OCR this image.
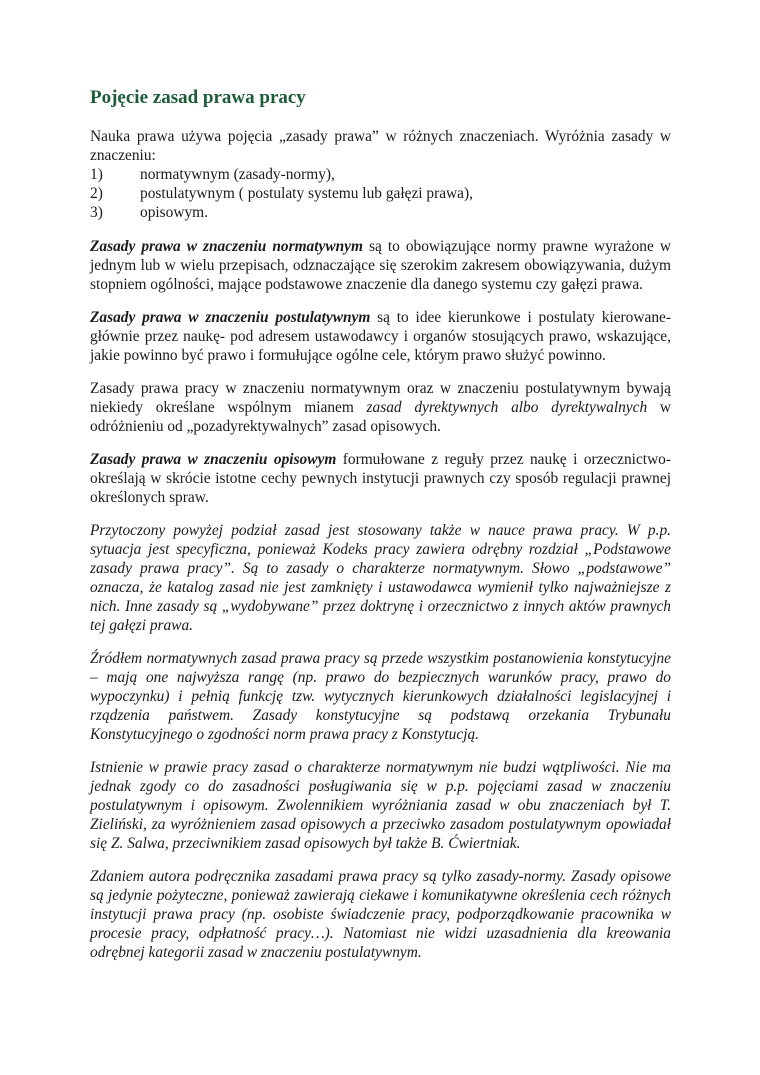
Pojęcie zasad prawa pracy

Nauka prawa używa pojęcia „zasady prawa” w różnych znaczeniach. Wyróżnia zasady w znaczeniu:

1)	normatywnym (zasady-normy),
2)	postulatywnym ( postulaty systemu lub gałęzi prawa),
3)	opisowym.

Zasady prawa w znaczeniu normatywnym są to obowiązujące normy prawne wyrażone w jednym lub w wielu przepisach, odznaczające się szerokim zakresem obowiązywania, dużym stopniem ogólności, mające podstawowe znaczenie dla danego systemu czy gałęzi prawa.

Zasady prawa w znaczeniu postulatywnym są to idee kierunkowe i postulaty kierowane- głównie przez naukę- pod adresem ustawodawcy i organów stosujących prawo, wskazujące, jakie powinno być prawo i formułujące ogólne cele, którym prawo służyć powinno.

Zasady prawa pracy w znaczeniu normatywnym oraz w znaczeniu postulatywnym bywają niekiedy określane wspólnym mianem zasad dyrektywnych albo dyrektywalnych w odróżnieniu od „pozadyrektywalnych” zasad opisowych.

Zasady prawa w znaczeniu opisowym formułowane z reguły przez naukę i orzecznictwo- określają w skrócie istotne cechy pewnych instytucji prawnych czy sposób regulacji prawnej określonych spraw.

Przytoczony powyżej podział zasad jest stosowany także w nauce prawa pracy. W p.p. sytuacja jest specyficzna, ponieważ Kodeks pracy zawiera odrębny rozdział „Podstawowe zasady prawa pracy”. Są to zasady o charakterze normatywnym. Słowo „podstawowe” oznacza, że katalog zasad nie jest zamknięty i ustawodawca wymienił tylko najważniejsze z nich. Inne zasady są „wydobywane” przez doktrynę i orzecznictwo z innych aktów prawnych tej gałęzi prawa.

Źródłem normatywnych zasad prawa pracy są przede wszystkim postanowienia konstytucyjne – mają one najwyższa rangę (np. prawo do bezpiecznych warunków pracy, prawo do wypoczynku) i pełnią funkcję tzw. wytycznych kierunkowych działalności legislacyjnej i rządzenia państwem. Zasady konstytucyjne są podstawą orzekania Trybunału Konstytucyjnego o zgodności norm prawa pracy z Konstytucją.

Istnienie w prawie pracy zasad o charakterze normatywnym nie budzi wątpliwości. Nie ma jednak zgody co do zasadności posługiwania się w p.p. pojęciami zasad w znaczeniu postulatywnym i opisowym. Zwolennikiem wyróżniania zasad w obu znaczeniach był T. Zieliński, za wyróżnieniem zasad opisowych a przeciwko zasadom postulatywnym opowiadał się Z. Salwa, przeciwnikiem zasad opisowych był także B. Ćwiertniak.

Zdaniem autora podręcznika zasadami prawa pracy są tylko zasady-normy. Zasady opisowe są jedynie pożyteczne, ponieważ zawierają ciekawe i komunikatywne określenia cech różnych instytucji prawa pracy (np. osobiste świadczenie pracy, podporządkowanie pracownika w procesie pracy, odpłatność pracy…). Natomiast nie widzi uzasadnienia dla kreowania odrębnej kategorii zasad w znaczeniu postulatywnym.
